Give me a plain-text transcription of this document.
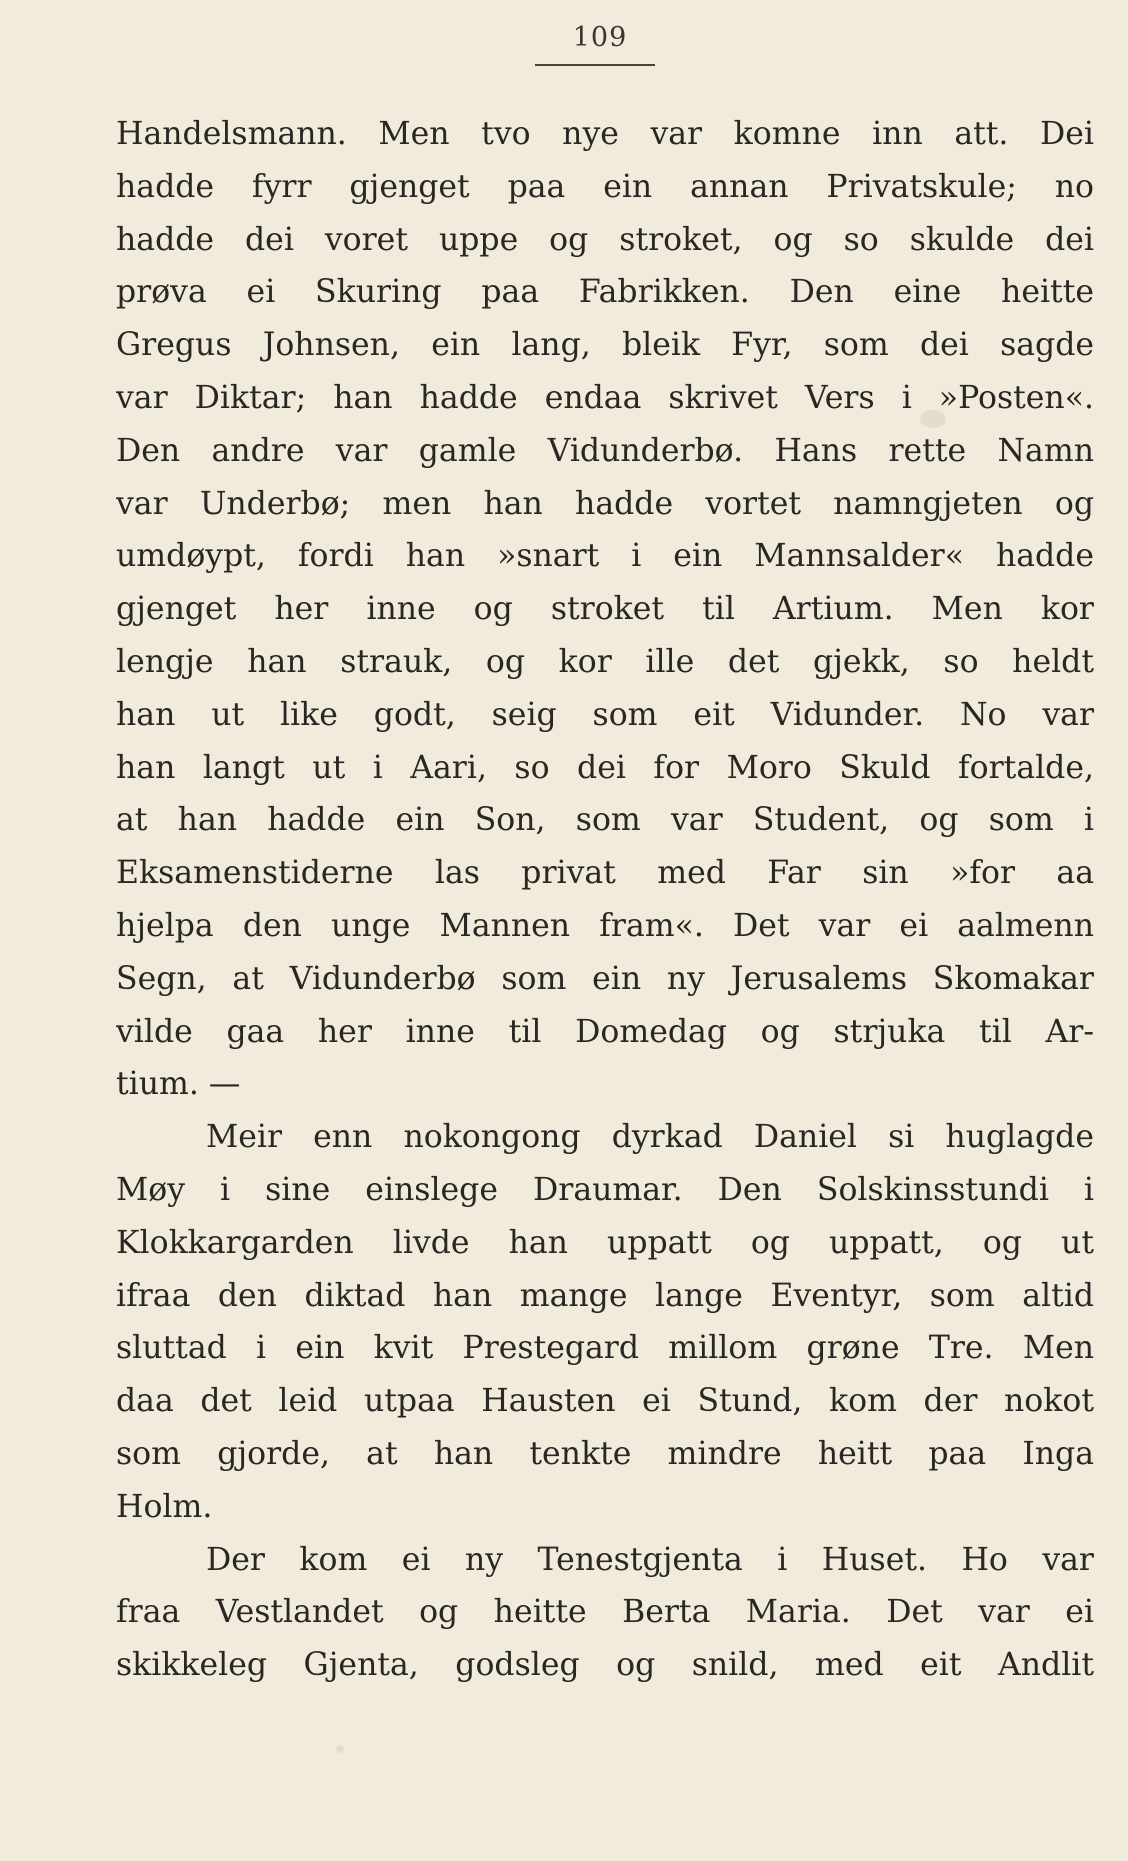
109
Handelsmann. Men tvo nye var komne inn att. Dei
hadde fyrr gjenget paa ein annan Privatskule; no
hadde dei voret uppe og stroket, og so skulde dei
prøva ei Skuring paa Fabrikken. Den eine heitte
Gregus Johnsen, ein lang, bleik Fyr, som dei sagde
var Diktar; han hadde endaa skrivet Vers i »Posten«.
Den andre var gamle Vidunderbø. Hans rette Namn
var Underbø; men han hadde vortet namngjeten og
umdøypt, fordi han »snart i ein Mannsalder« hadde
gjenget her inne og stroket til Artium. Men kor
lengje han strauk, og kor ille det gjekk, so heldt
han ut like godt, seig som eit Vidunder. No var
han langt ut i Aari, so dei for Moro Skuld fortalde,
at han hadde ein Son, som var Student, og som i
Eksamenstiderne las privat med Far sin »for aa
hjelpa den unge Mannen fram«. Det var ei aalmenn
Segn, at Vidunderbø som ein ny Jerusalems Skomakar
vilde gaa her inne til Domedag og strjuka til Ar-
tium. —
Meir enn nokongong dyrkad Daniel si huglagde
Møy i sine einslege Draumar. Den Solskinsstundi i
Klokkargarden livde han uppatt og uppatt, og ut
ifraa den diktad han mange lange Eventyr, som altid
sluttad i ein kvit Prestegard millom grøne Tre. Men
daa det leid utpaa Hausten ei Stund, kom der nokot
som gjorde, at han tenkte mindre heitt paa Inga
Holm.
Der kom ei ny Tenestgjenta i Huset. Ho var
fraa Vestlandet og heitte Berta Maria. Det var ei
skikkeleg Gjenta, godsleg og snild, med eit Andlit
